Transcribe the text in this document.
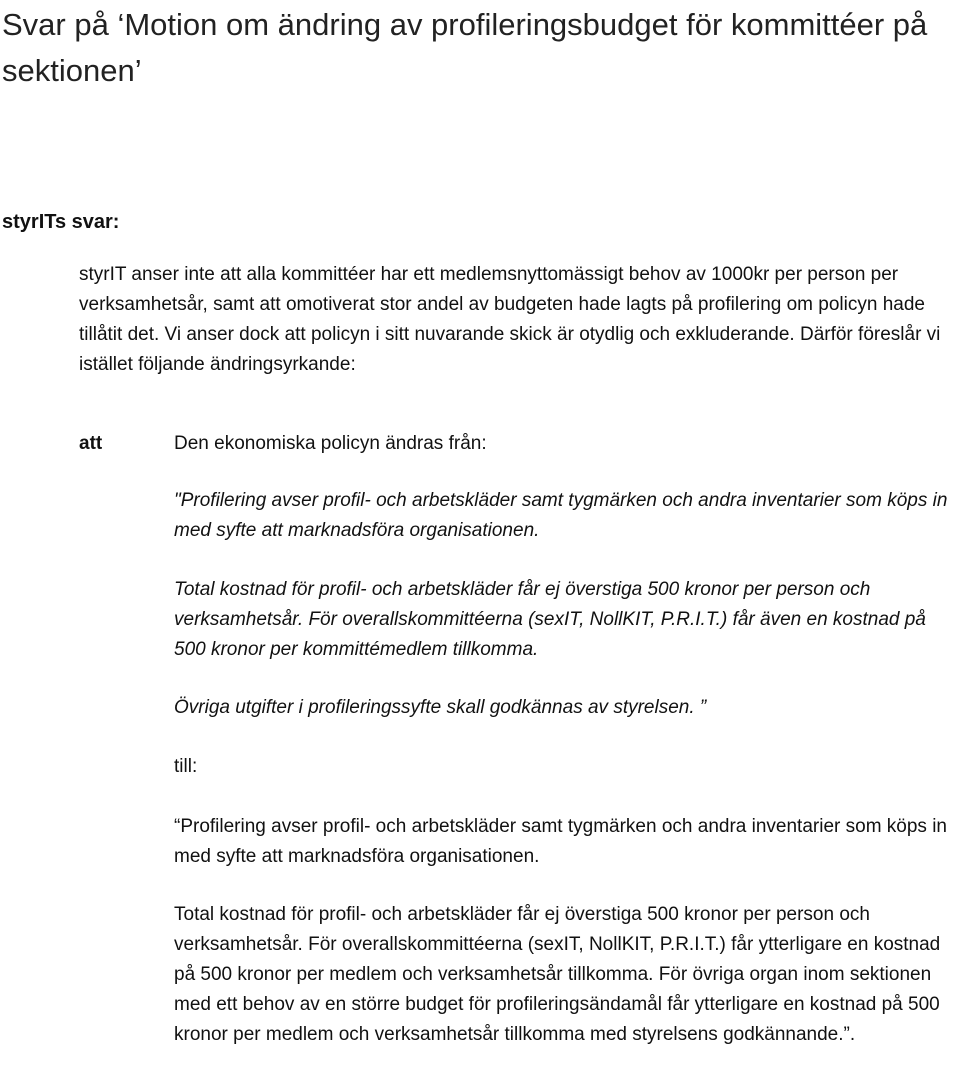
Svar på ‘Motion om ändring av profileringsbudget för kommittéer på sektionen’
styrITs svar:

styrIT anser inte att alla kommittéer har ett medlemsnyttomässigt behov av 1000kr per person per verksamhetsår, samt att omotiverat stor andel av budgeten hade lagts på profilering om policyn hade tillåtit det. Vi anser dock att policyn i sitt nuvarande skick är otydlig och exkluderande. Därför föreslår vi istället följande ändringsyrkande:

att	Den ekonomiska policyn ändras från:

"Profilering avser profil- och arbetskläder samt tygmärken och andra inventarier som köps in med syfte att marknadsföra organisationen.

Total kostnad för profil- och arbetskläder får ej överstiga 500 kronor per person och verksamhetsår. För overallskommittéerna (sexIT, NollKIT, P.R.I.T.) får även en kostnad på 500 kronor per kommittémedlem tillkomma.

Övriga utgifter i profileringssyfte skall godkännas av styrelsen. ”

till:

“Profilering avser profil- och arbetskläder samt tygmärken och andra inventarier som köps in med syfte att marknadsföra organisationen.

Total kostnad för profil- och arbetskläder får ej överstiga 500 kronor per person och verksamhetsår. För overallskommittéerna (sexIT, NollKIT, P.R.I.T.) får ytterligare en kostnad på 500 kronor per medlem och verksamhetsår tillkomma. För övriga organ inom sektionen med ett behov av en större budget för profileringsändamål får ytterligare en kostnad på 500 kronor per medlem och verksamhetsår tillkomma med styrelsens godkännande.”.
